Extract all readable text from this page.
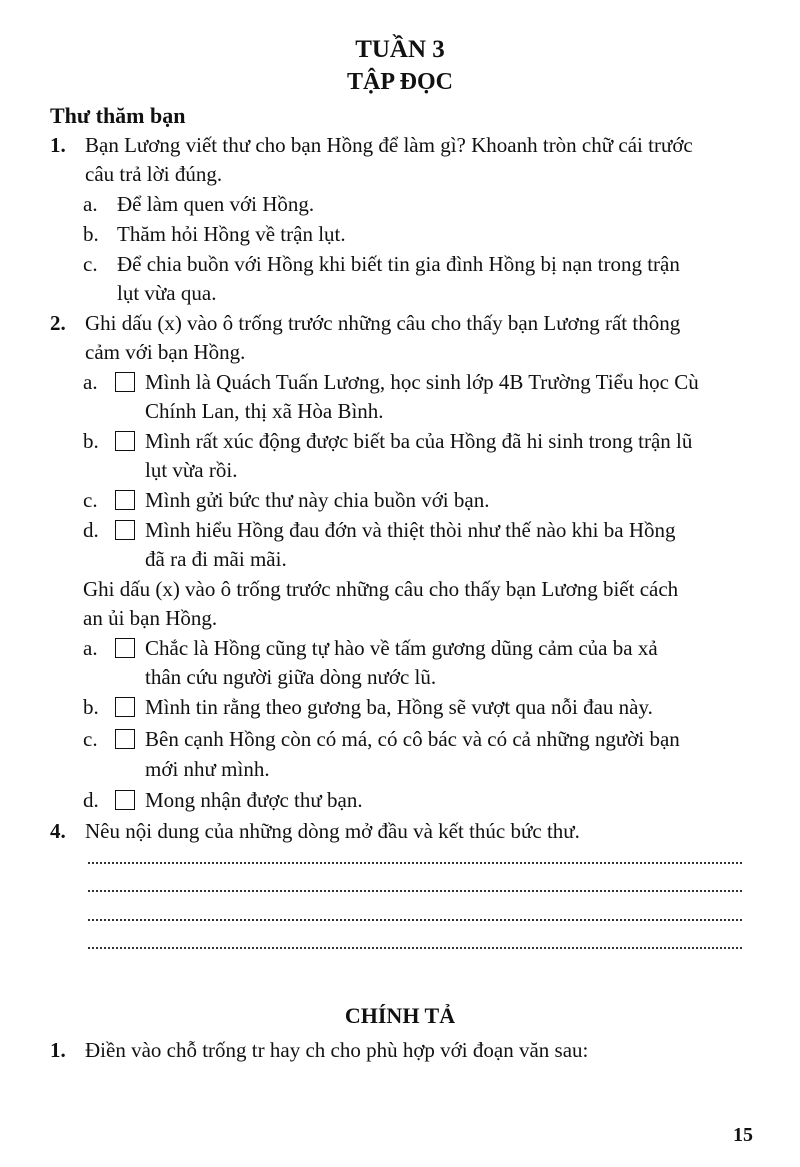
TUẦN 3
TẬP ĐỌC
Thư thăm bạn
1. Bạn Lương viết thư cho bạn Hồng để làm gì? Khoanh tròn chữ cái trước
câu trả lời đúng.
a. Để làm quen với Hồng.
b. Thăm hỏi Hồng về trận lụt.
c. Để chia buồn với Hồng khi biết tin gia đình Hồng bị nạn trong trận
lụt vừa qua.
2. Ghi dấu (x) vào ô trống trước những câu cho thấy bạn Lương rất thông
cảm với bạn Hồng.
a. Mình là Quách Tuấn Lương, học sinh lớp 4B Trường Tiểu học Cù
Chính Lan, thị xã Hòa Bình.
b. Mình rất xúc động được biết ba của Hồng đã hi sinh trong trận lũ
lụt vừa rồi.
c. Mình gửi bức thư này chia buồn với bạn.
d. Mình hiểu Hồng đau đớn và thiệt thòi như thế nào khi ba Hồng
đã ra đi mãi mãi.
Ghi dấu (x) vào ô trống trước những câu cho thấy bạn Lương biết cách
an ủi bạn Hồng.
a. Chắc là Hồng cũng tự hào về tấm gương dũng cảm của ba xả
thân cứu người giữa dòng nước lũ.
b. Mình tin rằng theo gương ba, Hồng sẽ vượt qua nỗi đau này.
c. Bên cạnh Hồng còn có má, có cô bác và có cả những người bạn
mới như mình.
d. Mong nhận được thư bạn.
4. Nêu nội dung của những dòng mở đầu và kết thúc bức thư.
CHÍNH TẢ
1. Điền vào chỗ trống tr hay ch cho phù hợp với đoạn văn sau:
15
